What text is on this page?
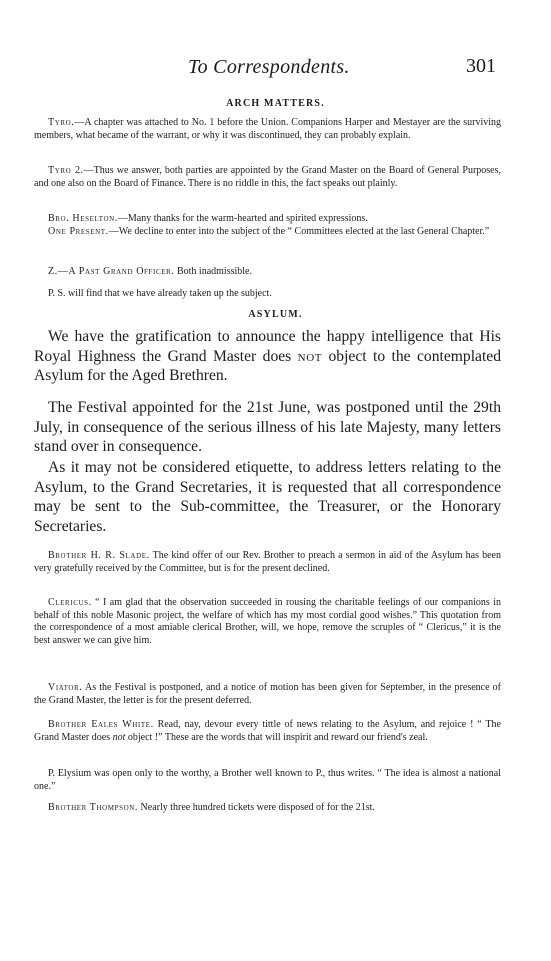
To Correspondents.	301
ARCH MATTERS.

Tyro.—A chapter was attached to No. 1 before the Union. Companions Harper and Mestayer are the surviving members, what became of the warrant, or why it was discontinued, they can probably explain.

Tyro 2.—Thus we answer, both parties are appointed by the Grand Master on the Board of General Purposes, and one also on the Board of Finance. There is no riddle in this, the fact speaks out plainly.

Bro. Heselton.—Many thanks for the warm-hearted and spirited expressions.

One Present.—We decline to enter into the subject of the “ Committees elected at the last General Chapter.”

Z.—A Past Grand Officer. Both inadmissible.

P. S. will find that we have already taken up the subject.

ASYLUM.

We have the gratification to announce the happy intelligence that His Royal Highness the Grand Master does not object to the contemplated Asylum for the Aged Brethren.

The Festival appointed for the 21st June, was postponed until the 29th July, in consequence of the serious illness of his late Majesty, many letters stand over in consequence.

As it may not be considered etiquette, to address letters relating to the Asylum, to the Grand Secretaries, it is requested that all correspondence may be sent to the Sub-committee, the Treasurer, or the Honorary Secretaries.

Brother H. R. Slade. The kind offer of our Rev. Brother to preach a sermon in aid of the Asylum has been very gratefully received by the Committee, but is for the present declined.

Clericus. “ I am glad that the observation succeeded in rousing the charitable feelings of our companions in behalf of this noble Masonic project, the welfare of which has my most cordial good wishes.” This quotation from the correspondence of a most amiable clerical Brother, will, we hope, remove the scruples of “ Clericus,” it is the best answer we can give him.

Viator. As the Festival is postponed, and a notice of motion has been given for September, in the presence of the Grand Master, the letter is for the present deferred.

Brother Eales White. Read, nay, devour every tittle of news relating to the Asylum, and rejoice ! “ The Grand Master does not object !” These are the words that will inspirit and reward our friend's zeal.

P. Elysium was open only to the worthy, a Brother well known to P., thus writes. “ The idea is almost a national one.”

Brother Thompson. Nearly three hundred tickets were disposed of for the 21st.
